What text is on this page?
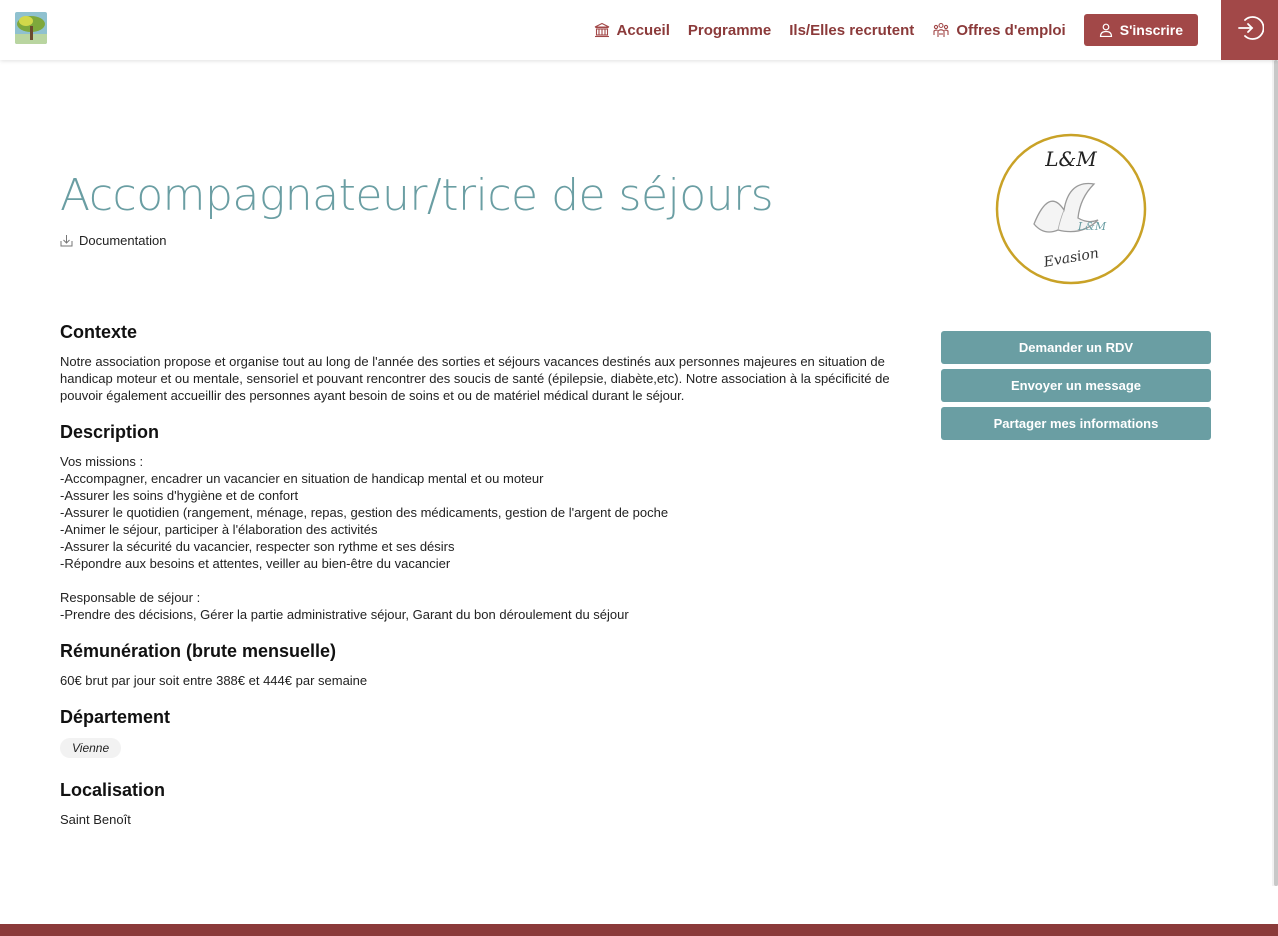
Accueil Programme Ils/Elles recrutent	Offres d'emploi	S'inscrire
Accompagnateur/trice de séjours
Documentation
L&M
L&M
Evasion
Contexte

Notre association propose et organise tout au long de l'année des sorties et séjours vacances destinés aux personnes majeures en situation de handicap moteur et ou mentale, sensoriel et pouvant rencontrer des soucis de santé (épilepsie, diabète,etc). Notre association à la spécificité de pouvoir également accueillir des personnes ayant besoin de soins et ou de matériel médical durant le séjour.

Description
Vos missions :
-Accompagner, encadrer un vacancier en situation de handicap mental et ou moteur
-Assurer les soins d'hygiène et de confort
-Assurer le quotidien (rangement, ménage, repas, gestion des médicaments, gestion de l'argent de poche
-Animer le séjour, participer à l'élaboration des activités
-Assurer la sécurité du vacancier, respecter son rythme et ses désirs
-Répondre aux besoins et attentes, veiller au bien-être du vacancier
Responsable de séjour :
-Prendre des décisions, Gérer la partie administrative séjour, Garant du bon déroulement du séjour
Rémunération (brute mensuelle)

60€ brut par jour soit entre 388€ et 444€ par semaine

Département
Vienne
Localisation

Saint Benoît

Demander un RDV
Envoyer un message
Partager mes informations
